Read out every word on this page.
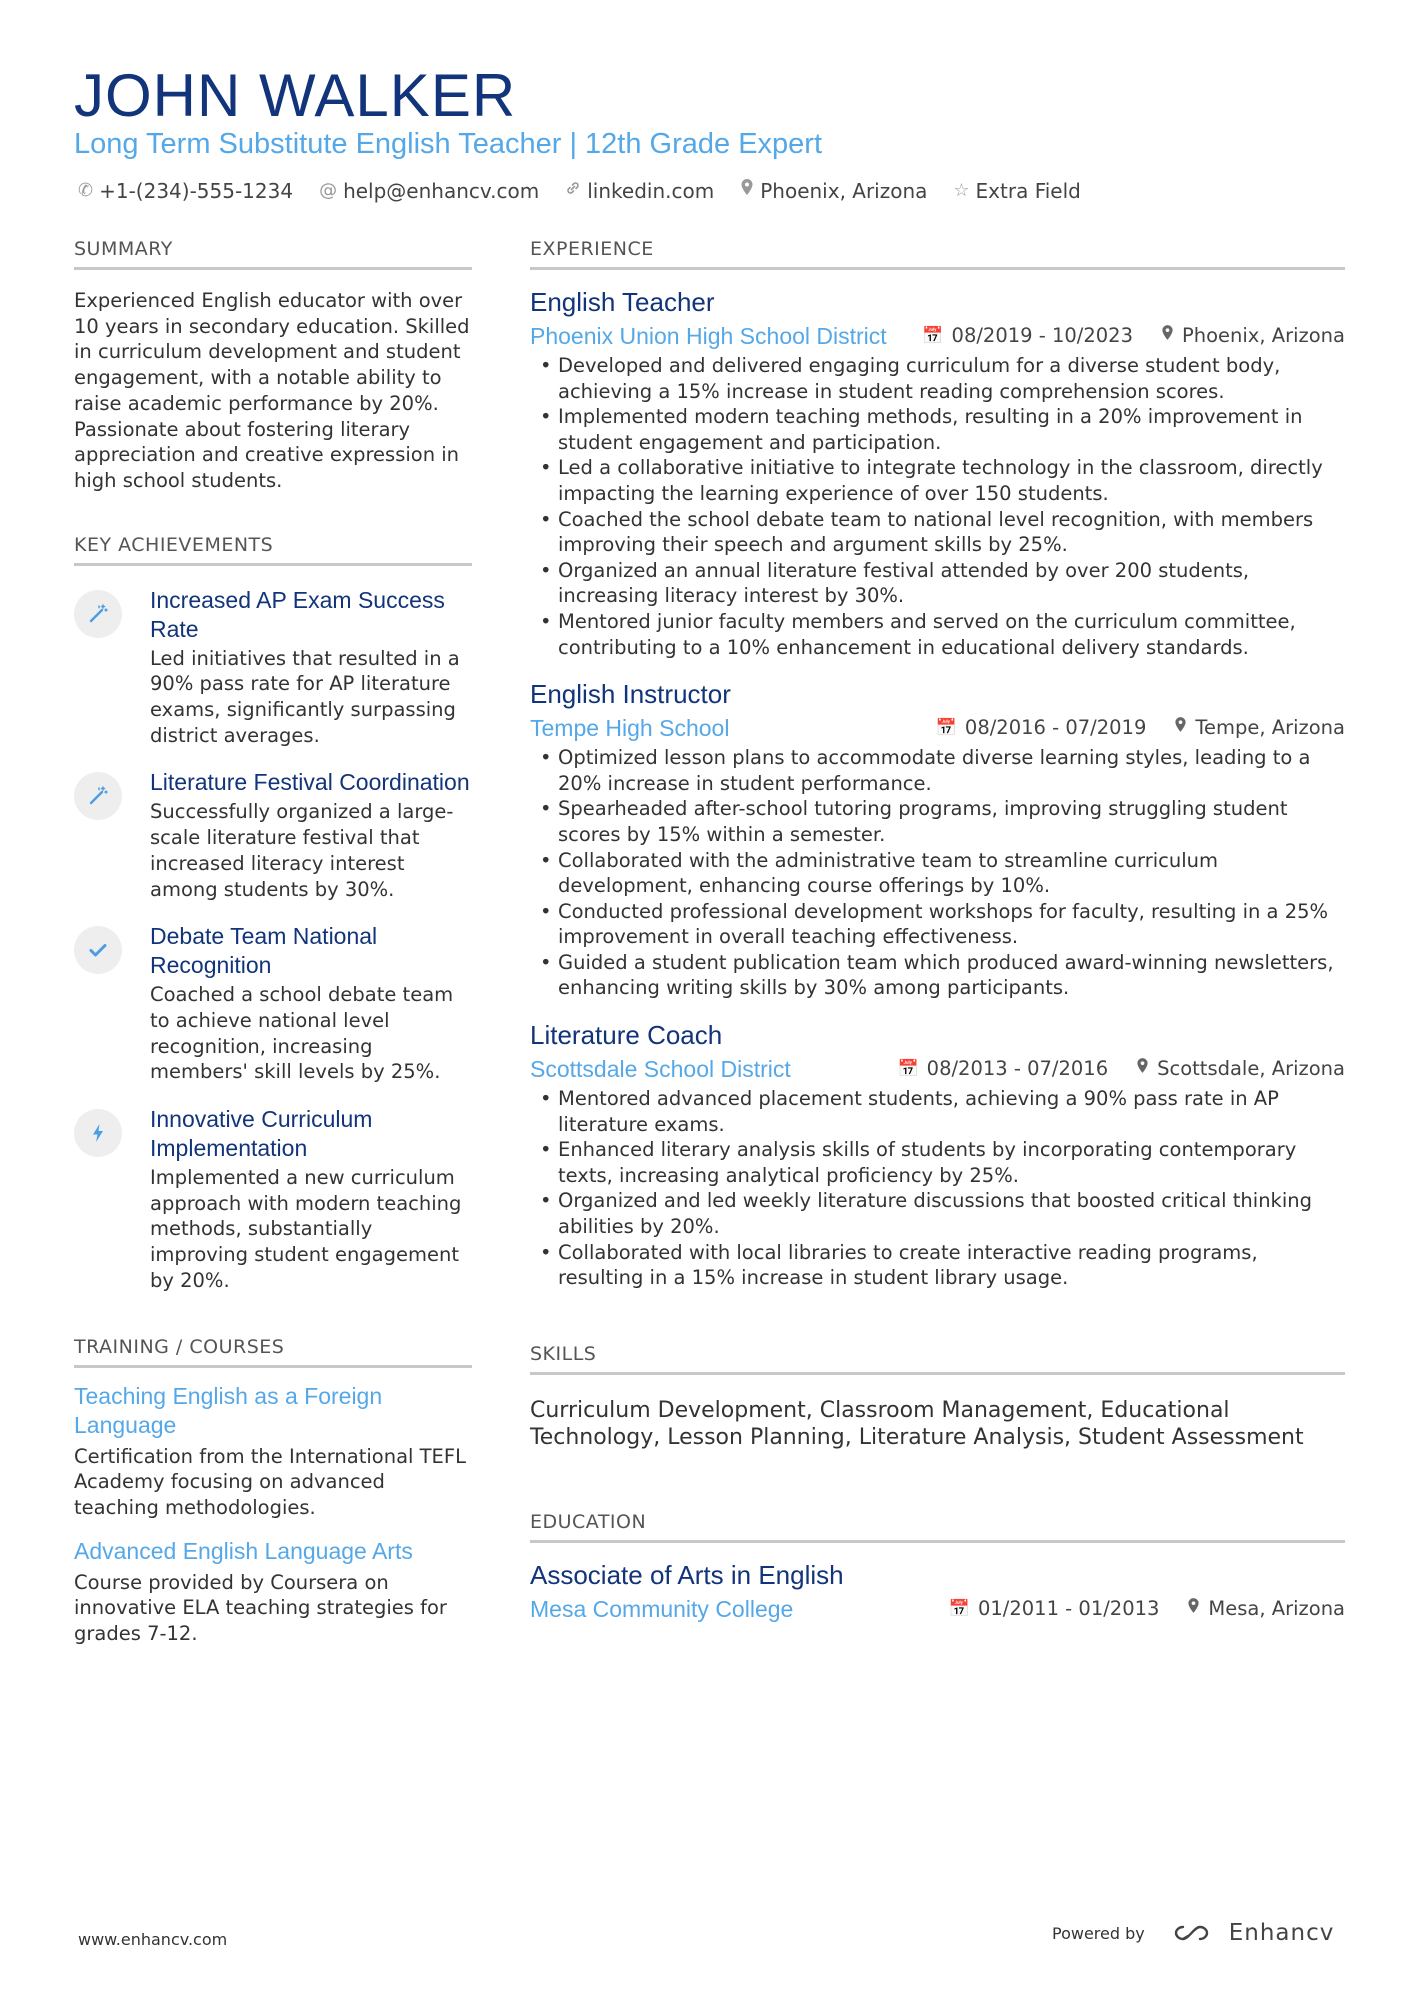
JOHN WALKER
Long Term Substitute English Teacher | 12th Grade Expert
✆ +1-(234)-555-1234 @ help@enhancv.com linkedin.com Phoenix, Arizona ☆ Extra Field
SUMMARY
Experienced English educator with over 10 years in secondary education. Skilled in curriculum development and student engagement, with a notable ability to raise academic performance by 20%. Passionate about fostering literary appreciation and creative expression in high school students.
KEY ACHIEVEMENTS
Increased AP Exam Success Rate
Led initiatives that resulted in a 90% pass rate for AP literature exams, significantly surpassing district averages.
Literature Festival Coordination
Successfully organized a large-scale literature festival that increased literacy interest among students by 30%.
Debate Team National Recognition
Coached a school debate team to achieve national level recognition, increasing members' skill levels by 25%.
Innovative Curriculum Implementation
Implemented a new curriculum approach with modern teaching methods, substantially improving student engagement by 20%.
TRAINING / COURSES
Teaching English as a Foreign Language
Certification from the International TEFL Academy focusing on advanced teaching methodologies.
Advanced English Language Arts
Course provided by Coursera on innovative ELA teaching strategies for grades 7-12.
EXPERIENCE
English Teacher
Phoenix Union High School District 📅 08/2019 - 10/2023	Phoenix, Arizona
• Developed and delivered engaging curriculum for a diverse student body, achieving a 15% increase in student reading comprehension scores.
• Implemented modern teaching methods, resulting in a 20% improvement in student engagement and participation.
• Led a collaborative initiative to integrate technology in the classroom, directly impacting the learning experience of over 150 students.
• Coached the school debate team to national level recognition, with members improving their speech and argument skills by 25%.
• Organized an annual literature festival attended by over 200 students, increasing literacy interest by 30%.
• Mentored junior faculty members and served on the curriculum committee, contributing to a 10% enhancement in educational delivery standards.
English Instructor
Tempe High School	📅 08/2016 - 07/2019	Tempe, Arizona
• Optimized lesson plans to accommodate diverse learning styles, leading to a 20% increase in student performance.
• Spearheaded after-school tutoring programs, improving struggling student scores by 15% within a semester.
• Collaborated with the administrative team to streamline curriculum development, enhancing course offerings by 10%.
• Conducted professional development workshops for faculty, resulting in a 25% improvement in overall teaching effectiveness.
• Guided a student publication team which produced award-winning newsletters, enhancing writing skills by 30% among participants.
Literature Coach
Scottsdale School District	📅 08/2013 - 07/2016	Scottsdale, Arizona
• Mentored advanced placement students, achieving a 90% pass rate in AP literature exams.
• Enhanced literary analysis skills of students by incorporating contemporary texts, increasing analytical proficiency by 25%.
• Organized and led weekly literature discussions that boosted critical thinking abilities by 20%.
• Collaborated with local libraries to create interactive reading programs, resulting in a 15% increase in student library usage.
SKILLS
Curriculum Development, Classroom Management, Educational Technology, Lesson Planning, Literature Analysis, Student Assessment
EDUCATION
Associate of Arts in English
Mesa Community College	📅 01/2011 - 01/2013	Mesa, Arizona
www.enhancv.com	Powered by	Enhancv
